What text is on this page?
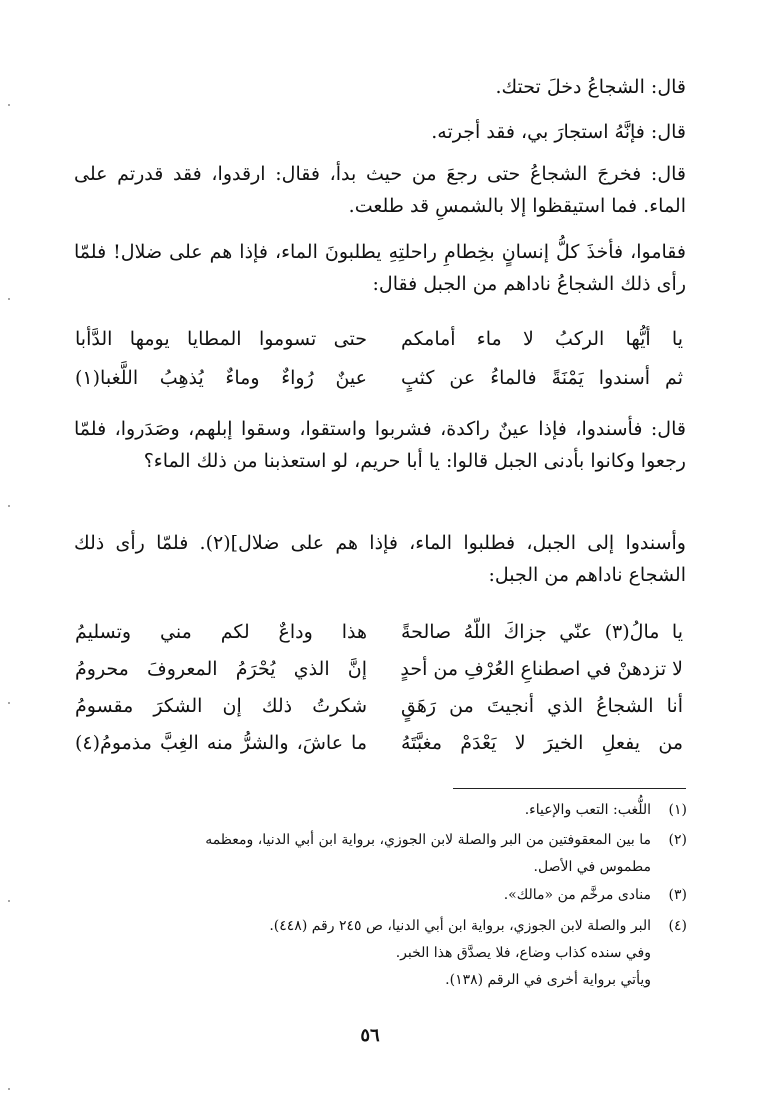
قال: الشجاعُ دخلَ تحتك.

قال: فإنَّهُ استجارَ بي، فقد أجرته.

قال: فخرجَ الشجاعُ حتى رجعَ من حيث بدأ، فقال: ارقدوا، فقد قدرتم على الماء. فما استيقظوا إلا بالشمسِ قد طلعت.

فقاموا، فأخذَ كلُّ إنسانٍ بخِطامِ راحلتِهِ يطلبونَ الماء، فإذا هم على ضلال! فلمّا رأى ذلك الشجاعُ ناداهم من الجبل فقال:

يا أيُّها الركبُ لا ماء أمامكم
حتى تسوموا المطايا يومها الدَّأبا
ثم أسندوا يَمْنَةً فالماءُ عن كثبٍ
عينٌ رُواءٌ وماءٌ يُذهِبُ اللَّغبا(١)

قال: فأسندوا، فإذا عينٌ راكدة، فشربوا واستقوا، وسقوا إبلهم، وصَدَروا، فلمّا رجعوا وكانوا بأدنى الجبل قالوا: يا أبا حريم، لو استعذبنا من ذلك الماء؟

وأسندوا إلى الجبل، فطلبوا الماء، فإذا هم على ضلال](٢). فلمّا رأى ذلك الشجاع ناداهم من الجبل:

يا مالُ(٣) عنّي جزاكَ اللّهُ صالحةً
هذا وداعٌ لكم مني وتسليمُ
لا تزدهنْ في اصطناعِ العُرْفِ من أحدٍ
إنَّ الذي يُحْرَمُ المعروفَ محرومُ
أنا الشجاعُ الذي أنجيتَ من رَهَقٍ
شكرتُ ذلك إن الشكرَ مقسومُ
من يفعلِ الخيرَ لا يَعْدَمْ مغبَّتَهُ
ما عاشَ، والشرُّ منه الغِبَّ مذمومُ(٤)
(١)
اللُّغب: التعب والإعياء.
(٢)
ما بين المعقوفتين من البر والصلة لابن الجوزي، برواية ابن أبي الدنيا، ومعظمه
مطموس في الأصل.
(٣)
منادى مرخَّم من «مالك».
(٤)
البر والصلة لابن الجوزي، برواية ابن أبي الدنيا، ص ٢٤٥ رقم (٤٤٨).
وفي سنده كذاب وضاع، فلا يصدَّق هذا الخبر.
ويأتي برواية أخرى في الرقم (١٣٨).
٥٦
